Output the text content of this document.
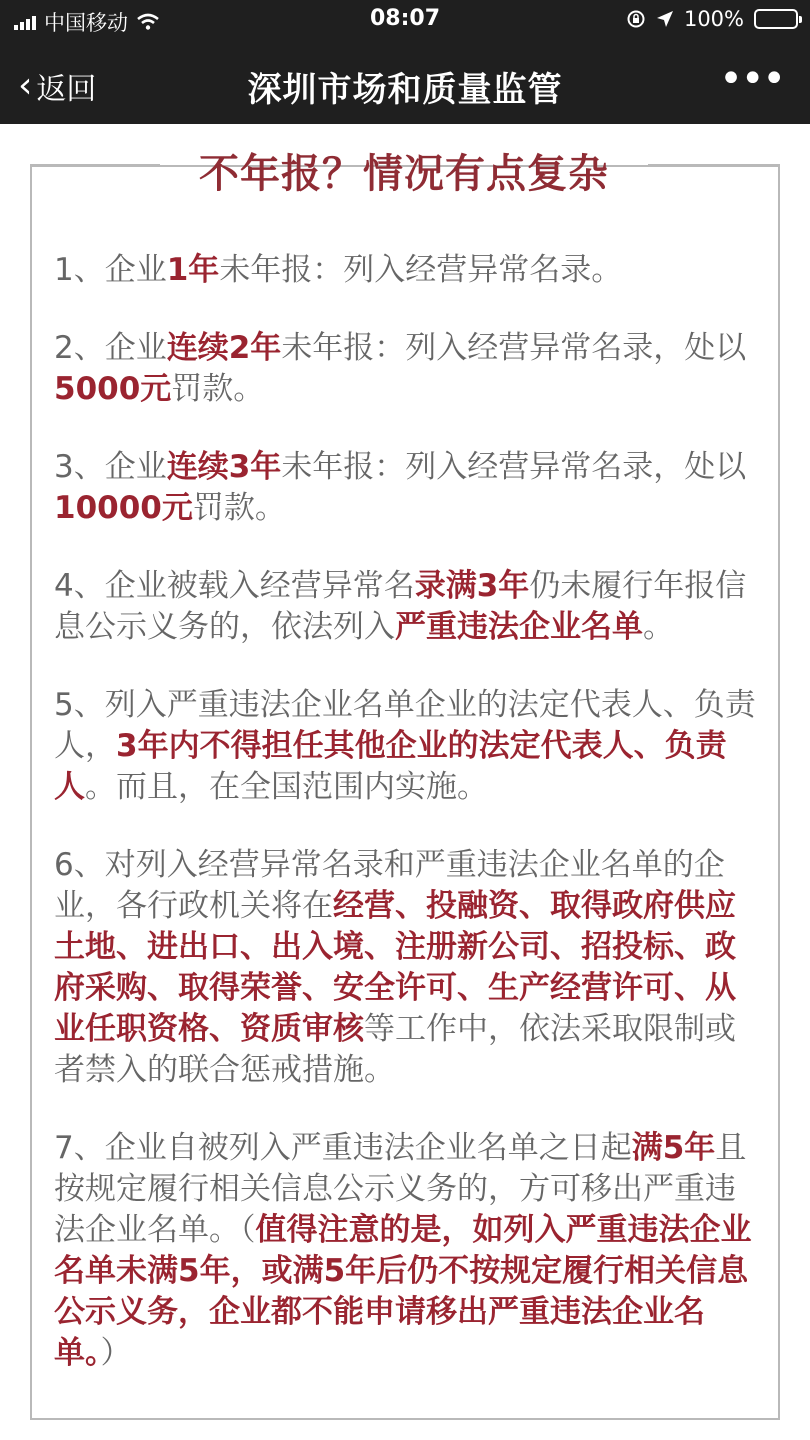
中国移动	08:07	100%
‹ 返回	深圳市场和质量监管	•••
不年报？情况有点复杂

1、企业1年未年报：列入经营异常名录。

2、企业连续2年未年报：列入经营异常名录，处以5000元罚款。

3、企业连续3年未年报：列入经营异常名录，处以10000元罚款。

4、企业被载入经营异常名录满3年仍未履行年报信息公示义务的，依法列入严重违法企业名单。

5、列入严重违法企业名单企业的法定代表人、负责人，3年内不得担任其他企业的法定代表人、负责人。而且，在全国范围内实施。

6、对列入经营异常名录和严重违法企业名单的企业，各行政机关将在经营、投融资、取得政府供应土地、进出口、出入境、注册新公司、招投标、政府采购、取得荣誉、安全许可、生产经营许可、从业任职资格、资质审核等工作中，依法采取限制或者禁入的联合惩戒措施。

7、企业自被列入严重违法企业名单之日起满5年且按规定履行相关信息公示义务的，方可移出严重违法企业名单。（值得注意的是，如列入严重违法企业名单未满5年，或满5年后仍不按规定履行相关信息公示义务，企业都不能申请移出严重违法企业名单。）
